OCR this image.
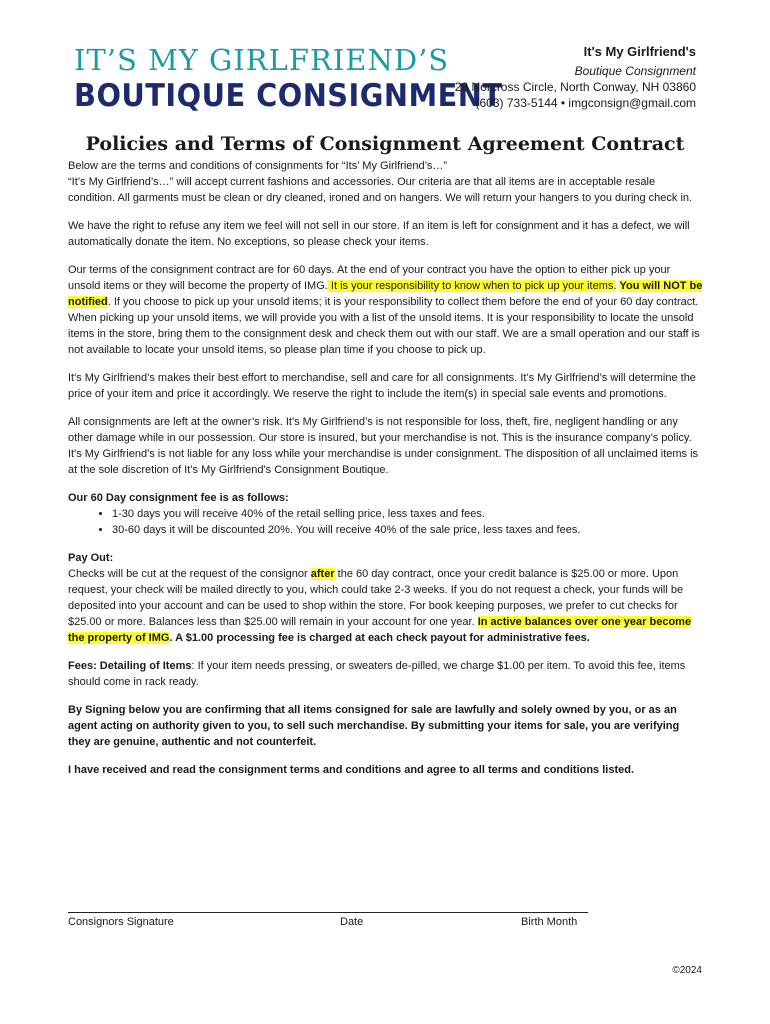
IT’S MY GIRLFRIEND’S
BOUTIQUE CONSIGNMENT
It's My Girlfriend's
Boutique Consignment
28 Norcross Circle, North Conway, NH 03860
(603) 733-5144 • imgconsign@gmail.com
Policies and Terms of Consignment Agreement Contract

Below are the terms and conditions of consignments for “Its’ My Girlfriend’s…”
“It’s My Girlfriend’s…” will accept current fashions and accessories. Our criteria are that all items are in acceptable resale condition. All garments must be clean or dry cleaned, ironed and on hangers. We will return your hangers to you during check in.

We have the right to refuse any item we feel will not sell in our store. If an item is left for consignment and it has a defect, we will automatically donate the item. No exceptions, so please check your items.

Our terms of the consignment contract are for 60 days. At the end of your contract you have the option to either pick up your unsold items or they will become the property of IMG. It is your responsibility to know when to pick up your items. You will NOT be notified. If you choose to pick up your unsold items; it is your responsibility to collect them before the end of your 60 day contract. When picking up your unsold items, we will provide you with a list of the unsold items. It is your responsibility to locate the unsold items in the store, bring them to the consignment desk and check them out with our staff. We are a small operation and our staff is not available to locate your unsold items, so please plan time if you choose to pick up.

It's My Girlfriend’s makes their best effort to merchandise, sell and care for all consignments. It’s My Girlfriend’s will determine the price of your item and price it accordingly. We reserve the right to include the item(s) in special sale events and promotions.

All consignments are left at the owner’s risk. It's My Girlfriend’s is not responsible for loss, theft, fire, negligent handling or any other damage while in our possession. Our store is insured, but your merchandise is not. This is the insurance company’s policy. It's My Girlfriend's is not liable for any loss while your merchandise is under consignment. The disposition of all unclaimed items is at the sole discretion of It’s My Girlfriend’s Consignment Boutique.

Our 60 Day consignment fee is as follows:
• 1-30 days you will receive 40% of the retail selling price, less taxes and fees.
• 30-60 days it will be discounted 20%. You will receive 40% of the sale price, less taxes and fees.
Pay Out:

Checks will be cut at the request of the consignor after the 60 day contract, once your credit balance is $25.00 or more. Upon request, your check will be mailed directly to you, which could take 2-3 weeks. If you do not request a check, your funds will be deposited into your account and can be used to shop within the store. For book keeping purposes, we prefer to cut checks for $25.00 or more. Balances less than $25.00 will remain in your account for one year. In active balances over one year become the property of IMG. A $1.00 processing fee is charged at each check payout for administrative fees.

Fees: Detailing of Items: If your item needs pressing, or sweaters de-pilled, we charge $1.00 per item. To avoid this fee, items should come in rack ready.

By Signing below you are confirming that all items consigned for sale are lawfully and solely owned by you, or as an agent acting on authority given to you, to sell such merchandise. By submitting your items for sale, you are verifying they are genuine, authentic and not counterfeit.

I have received and read the consignment terms and conditions and agree to all terms and conditions listed.

Consignors Signature	Date	Birth Month
©2024
